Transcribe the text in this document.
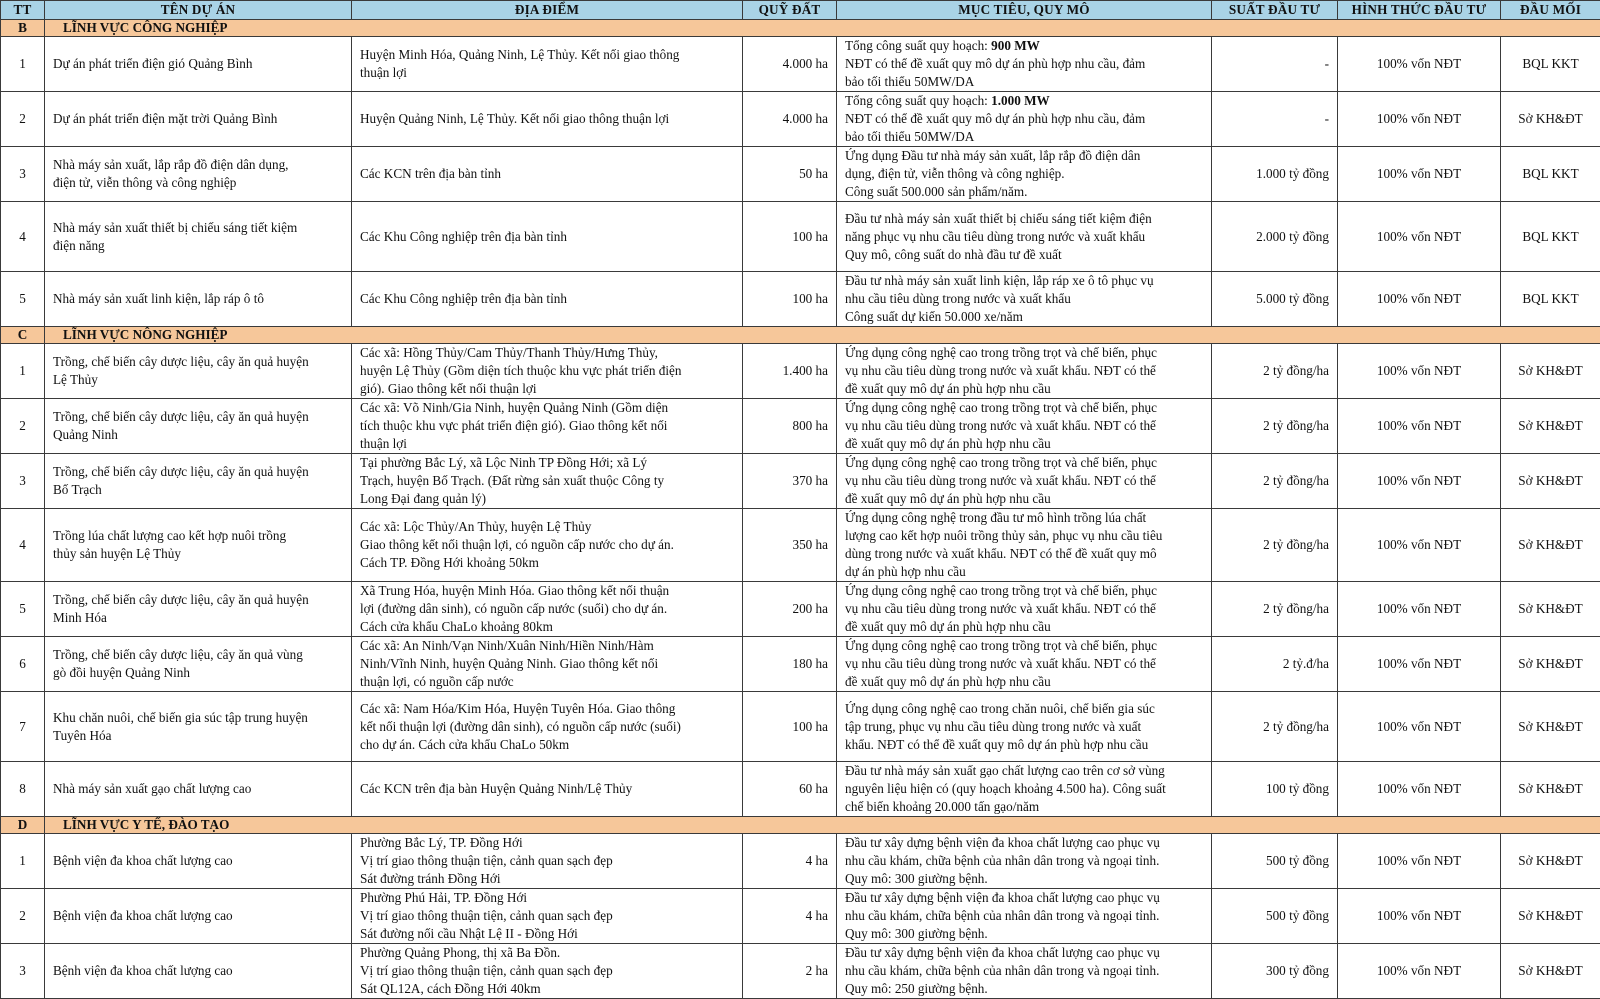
TT	TÊN DỰ ÁN	ĐỊA ĐIỂM	QUỸ ĐẤT	MỤC TIÊU, QUY MÔ	SUẤT ĐẦU TƯ	HÌNH THỨC ĐẦU TƯ	ĐẦU MỐI
B	LĨNH VỰC CÔNG NGHIỆP						
1	Dự án phát triển điện gió Quảng Bình	Huyện Minh Hóa, Quảng Ninh, Lệ Thủy. Kết nối giao thông
thuận lợi	4.000 ha	Tổng công suất quy hoạch: 900 MW
NĐT có thể đề xuất quy mô dự án phù hợp nhu cầu, đảm
bảo tối thiểu 50MW/DA	-	100% vốn NĐT	BQL KKT
2	Dự án phát triển điện mặt trời Quảng Bình	Huyện Quảng Ninh, Lệ Thủy. Kết nối giao thông thuận lợi	4.000 ha	Tổng công suất quy hoạch: 1.000 MW
NĐT có thể đề xuất quy mô dự án phù hợp nhu cầu, đảm
bảo tối thiểu 50MW/DA	-	100% vốn NĐT	Sở KH&ĐT
3	Nhà máy sản xuất, lắp rắp đồ điện dân dụng,
điện tử, viễn thông và công nghiệp	Các KCN trên địa bàn tỉnh	50 ha	Ứng dụng Đầu tư nhà máy sản xuất, lắp rắp đồ điện dân
dụng, điện tử, viễn thông và công nghiệp.
Công suất 500.000 sản phẩm/năm.	1.000 tỷ đồng	100% vốn NĐT	BQL KKT
4	Nhà máy sản xuất thiết bị chiếu sáng tiết kiệm
điện năng	Các Khu Công nghiệp trên địa bàn tỉnh	100 ha	Đầu tư nhà máy sản xuất thiết bị chiếu sáng tiết kiệm điện
năng phục vụ nhu cầu tiêu dùng trong nước và xuất khẩu
Quy mô, công suất do nhà đầu tư đề xuất	2.000 tỷ đồng	100% vốn NĐT	BQL KKT
5	Nhà máy sản xuất linh kiện, lắp ráp ô tô	Các Khu Công nghiệp trên địa bàn tỉnh	100 ha	Đầu tư nhà máy sản xuất linh kiện, lắp ráp xe ô tô phục vụ
nhu cầu tiêu dùng trong nước và xuất khẩu
Công suất dự kiến 50.000 xe/năm	5.000 tỷ đồng	100% vốn NĐT	BQL KKT
C	LĨNH VỰC NÔNG NGHIỆP						
1	Trồng, chế biến cây dược liệu, cây ăn quả huyện
Lệ Thủy	Các xã: Hồng Thủy/Cam Thủy/Thanh Thủy/Hưng Thủy,
huyện Lệ Thủy (Gồm diện tích thuộc khu vực phát triển điện
gió). Giao thông kết nối thuận lợi	1.400 ha	Ứng dụng công nghệ cao trong trồng trọt và chế biến, phục
vụ nhu cầu tiêu dùng trong nước và xuất khẩu. NĐT có thể
đề xuất quy mô dự án phù hợp nhu cầu	2 tỷ đồng/ha	100% vốn NĐT	Sở KH&ĐT
2	Trồng, chế biến cây dược liệu, cây ăn quả huyện
Quảng Ninh	Các xã: Võ Ninh/Gia Ninh, huyện Quảng Ninh (Gồm diện
tích thuộc khu vực phát triển điện gió). Giao thông kết nối
thuận lợi	800 ha	Ứng dụng công nghệ cao trong trồng trọt và chế biến, phục
vụ nhu cầu tiêu dùng trong nước và xuất khẩu. NĐT có thể
đề xuất quy mô dự án phù hợp nhu cầu	2 tỷ đồng/ha	100% vốn NĐT	Sở KH&ĐT
3	Trồng, chế biến cây dược liệu, cây ăn quả huyện
Bố Trạch	Tại phường Bắc Lý, xã Lộc Ninh TP Đồng Hới; xã Lý
Trạch, huyện Bố Trạch. (Đất rừng sản xuất thuộc Công ty
Long Đại đang quản lý)	370 ha	Ứng dụng công nghệ cao trong trồng trọt và chế biến, phục
vụ nhu cầu tiêu dùng trong nước và xuất khẩu. NĐT có thể
đề xuất quy mô dự án phù hợp nhu cầu	2 tỷ đồng/ha	100% vốn NĐT	Sở KH&ĐT
4	Trồng lúa chất lượng cao kết hợp nuôi trồng
thủy sản huyện Lệ Thủy	Các xã: Lộc Thủy/An Thủy, huyện Lệ Thủy
Giao thông kết nối thuận lợi, có nguồn cấp nước cho dự án.
Cách TP. Đồng Hới khoảng 50km	350 ha	Ứng dụng công nghệ trong đầu tư mô hình trồng lúa chất
lượng cao kết hợp nuôi trồng thủy sản, phục vụ nhu cầu tiêu
dùng trong nước và xuất khẩu. NĐT có thể đề xuất quy mô
dự án phù hợp nhu cầu	2 tỷ đồng/ha	100% vốn NĐT	Sở KH&ĐT
5	Trồng, chế biến cây dược liệu, cây ăn quả huyện
Minh Hóa	Xã Trung Hóa, huyện Minh Hóa. Giao thông kết nối thuận
lợi (đường dân sinh), có nguồn cấp nước (suối) cho dự án.
Cách cửa khẩu ChaLo khoảng 80km	200 ha	Ứng dụng công nghệ cao trong trồng trọt và chế biến, phục
vụ nhu cầu tiêu dùng trong nước và xuất khẩu. NĐT có thể
đề xuất quy mô dự án phù hợp nhu cầu	2 tỷ đồng/ha	100% vốn NĐT	Sở KH&ĐT
6	Trồng, chế biến cây dược liệu, cây ăn quả vùng
gò đồi huyện Quảng Ninh	Các xã: An Ninh/Vạn Ninh/Xuân Ninh/Hiền Ninh/Hàm
Ninh/Vĩnh Ninh, huyện Quảng Ninh. Giao thông kết nối
thuận lợi, có nguồn cấp nước	180 ha	Ứng dụng công nghệ cao trong trồng trọt và chế biến, phục
vụ nhu cầu tiêu dùng trong nước và xuất khẩu. NĐT có thể
đề xuất quy mô dự án phù hợp nhu cầu	2 tỷ.đ/ha	100% vốn NĐT	Sở KH&ĐT
7	Khu chăn nuôi, chế biến gia súc tập trung huyện
Tuyên Hóa	Các xã: Nam Hóa/Kim Hóa, Huyện Tuyên Hóa. Giao thông
kết nối thuận lợi (đường dân sinh), có nguồn cấp nước (suối)
cho dự án. Cách cửa khẩu ChaLo 50km	100 ha	Ứng dụng công nghệ cao trong chăn nuôi, chế biến gia súc
tập trung, phục vụ nhu cầu tiêu dùng trong nước và xuất
khẩu. NĐT có thể đề xuất quy mô dự án phù hợp nhu cầu	2 tỷ đồng/ha	100% vốn NĐT	Sở KH&ĐT
8	Nhà máy sản xuất gạo chất lượng cao	Các KCN trên địa bàn Huyện Quảng Ninh/Lệ Thủy	60 ha	Đầu tư nhà máy sản xuất gạo chất lượng cao trên cơ sở vùng
nguyên liệu hiện có (quy hoạch khoảng 4.500 ha). Công suất
chế biến khoảng 20.000 tấn gạo/năm	100 tỷ đồng	100% vốn NĐT	Sở KH&ĐT
D	LĨNH VỰC Y TẾ, ĐÀO TẠO						
1	Bệnh viện đa khoa chất lượng cao	Phường Bắc Lý, TP. Đồng Hới
Vị trí giao thông thuận tiện, cảnh quan sạch đẹp
Sát đường tránh Đồng Hới	4 ha	Đầu tư xây dựng bệnh viện đa khoa chất lượng cao phục vụ
nhu cầu khám, chữa bệnh của nhân dân trong và ngoại tỉnh.
Quy mô: 300 giường bệnh.	500 tỷ đồng	100% vốn NĐT	Sở KH&ĐT
2	Bệnh viện đa khoa chất lượng cao	Phường Phú Hải, TP. Đồng Hới
Vị trí giao thông thuận tiện, cảnh quan sạch đẹp
Sát đường nối cầu Nhật Lệ II - Đồng Hới	4 ha	Đầu tư xây dựng bệnh viện đa khoa chất lượng cao phục vụ
nhu cầu khám, chữa bệnh của nhân dân trong và ngoại tỉnh.
Quy mô: 300 giường bệnh.	500 tỷ đồng	100% vốn NĐT	Sở KH&ĐT
3	Bệnh viện đa khoa chất lượng cao	Phường Quảng Phong, thị xã Ba Đồn.
Vị trí giao thông thuận tiện, cảnh quan sạch đẹp
Sát QL12A, cách Đồng Hới 40km	2 ha	Đầu tư xây dựng bệnh viện đa khoa chất lượng cao phục vụ
nhu cầu khám, chữa bệnh của nhân dân trong và ngoại tỉnh.
Quy mô: 250 giường bệnh.	300 tỷ đồng	100% vốn NĐT	Sở KH&ĐT
